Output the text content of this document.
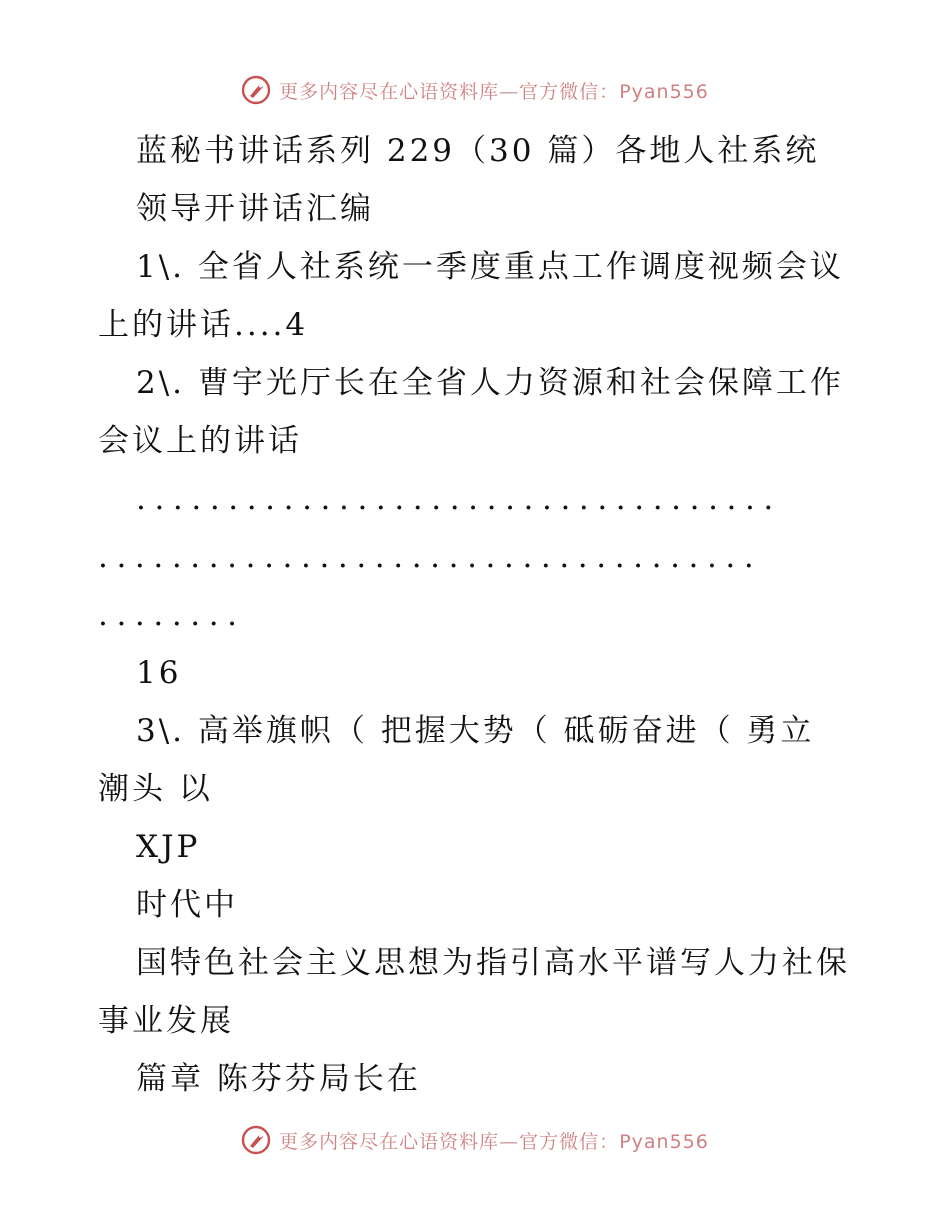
更多内容尽在心语资料库—官方微信：Pyan556
蓝秘书讲话系列 229（30 篇）各地人社系统
领导开讲话汇编
1\. 全省人社系统一季度重点工作调度视频会议
上的讲话....4
2\. 曹宇光厅长在全省人力资源和社会保障工作
会议上的讲话
...................................
....................................
........
16
3\. 高举旗帜（ 把握大势（ 砥砺奋进（ 勇立
潮头 以
XJP
时代中
国特色社会主义思想为指引高水平谱写人力社保
事业发展
篇章 陈芬芬局长在
更多内容尽在心语资料库—官方微信：Pyan556
